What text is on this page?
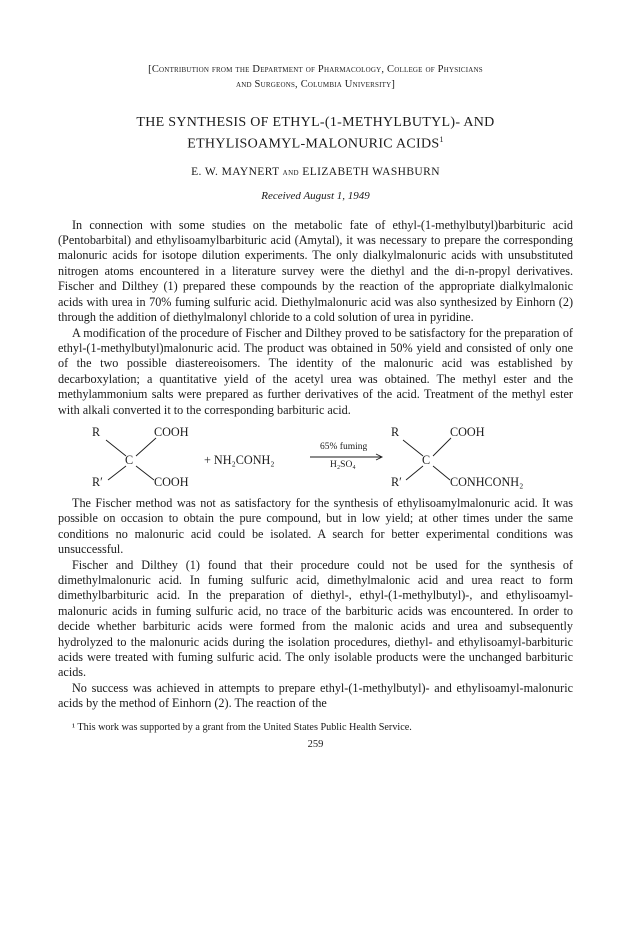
[Contribution from the Department of Pharmacology, College of Physicians
and Surgeons, Columbia University]
THE SYNTHESIS OF ETHYL-(1-METHYLBUTYL)- AND
ETHYLISOAMYL-MALONURIC ACIDS$^1$
E. W. MAYNERT and ELIZABETH WASHBURN
Received August 1, 1949

In connection with some studies on the metabolic fate of ethyl-(1-methylbutyl)barbituric acid (Pentobarbital) and ethylisoamylbarbituric acid (Amytal), it was necessary to prepare the corresponding malonuric acids for isotope dilution experiments. The only dialkylmalonuric acids with unsubstituted nitrogen atoms encountered in a literature survey were the diethyl and the di-n-propyl derivatives. Fischer and Dilthey (1) prepared these compounds by the reaction of the appropriate dialkylmalonic acids with urea in 70% fuming sulfuric acid. Diethylmalonuric acid was also synthesized by Einhorn (2) through the addition of diethylmalonyl chloride to a cold solution of urea in pyridine.

A modification of the procedure of Fischer and Dilthey proved to be satisfactory for the preparation of ethyl-(1-methylbutyl)malonuric acid. The product was obtained in 50% yield and consisted of only one of the two possible diastereoisomers. The identity of the malonuric acid was established by decarboxylation; a quantitative yield of the acetyl urea was obtained. The methyl ester and the methylammonium salts were prepared as further derivatives of the acid. Treatment of the methyl ester with alkali converted it to the corresponding barbituric acid.

R	COOH
C
R′	COOH
+ NH₂CONH₂
65% fuming
H₂SO₄
R	COOH
C
R′	CONHCONH₂

The Fischer method was not as satisfactory for the synthesis of ethylisoamylmalonuric acid. It was possible on occasion to obtain the pure compound, but in low yield; at other times under the same conditions no malonuric acid could be isolated. A search for better experimental conditions was unsuccessful.

Fischer and Dilthey (1) found that their procedure could not be used for the synthesis of dimethylmalonuric acid. In fuming sulfuric acid, dimethylmalonic acid and urea react to form dimethylbarbituric acid. In the preparation of diethyl-, ethyl-(1-methylbutyl)-, and ethylisoamyl-malonuric acids in fuming sulfuric acid, no trace of the barbituric acids was encountered. In order to decide whether barbituric acids were formed from the malonic acids and urea and subsequently hydrolyzed to the malonuric acids during the isolation procedures, diethyl- and ethylisoamyl-barbituric acids were treated with fuming sulfuric acid. The only isolable products were the unchanged barbituric acids.

No success was achieved in attempts to prepare ethyl-(1-methylbutyl)- and ethylisoamyl-malonuric acids by the method of Einhorn (2). The reaction of the

¹ This work was supported by a grant from the United States Public Health Service.
259
